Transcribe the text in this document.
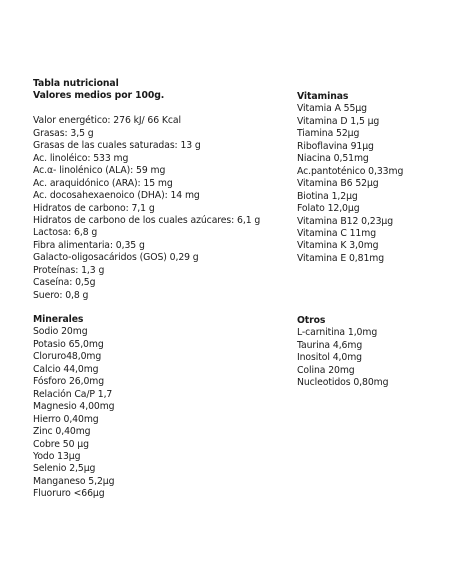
Tabla nutricional
Valores medios por 100g.
Valor energético: 276 kJ/ 66 Kcal
Grasas: 3,5 g
Grasas de las cuales saturadas: 13 g
Ac. linoléico: 533 mg
Ac.α- linolénico (ALA): 59 mg
Ac. araquidónico (ARA): 15 mg
Ac. docosahexaenoico (DHA): 14 mg
Hidratos de carbono: 7,1 g
Hidratos de carbono de los cuales azúcares: 6,1 g
Lactosa: 6,8 g
Fibra alimentaria: 0,35 g
Galacto-oligosacáridos (GOS) 0,29 g
Proteínas: 1,3 g
Caseína: 0,5g
Suero: 0,8 g
Minerales
Sodio 20mg
Potasio 65,0mg
Cloruro48,0mg
Calcio 44,0mg
Fósforo 26,0mg
Relación Ca/P 1,7
Magnesio 4,00mg
Hierro 0,40mg
Zinc 0,40mg
Cobre 50 µg
Yodo 13µg
Selenio 2,5µg
Manganeso 5,2µg
Fluoruro <66µg
Vitaminas
Vitamia A 55µg
Vitamina D 1,5 µg
Tiamina 52µg
Riboflavina 91µg
Niacina 0,51mg
Ac.pantoténico 0,33mg
Vitamina B6 52µg
Biotina 1,2µg
Folato 12,0µg
Vitamina B12 0,23µg
Vitamina C 11mg
Vitamina K 3,0mg
Vitamina E 0,81mg
Otros
L-carnitina 1,0mg
Taurina 4,6mg
Inositol 4,0mg
Colina 20mg
Nucleotidos 0,80mg
